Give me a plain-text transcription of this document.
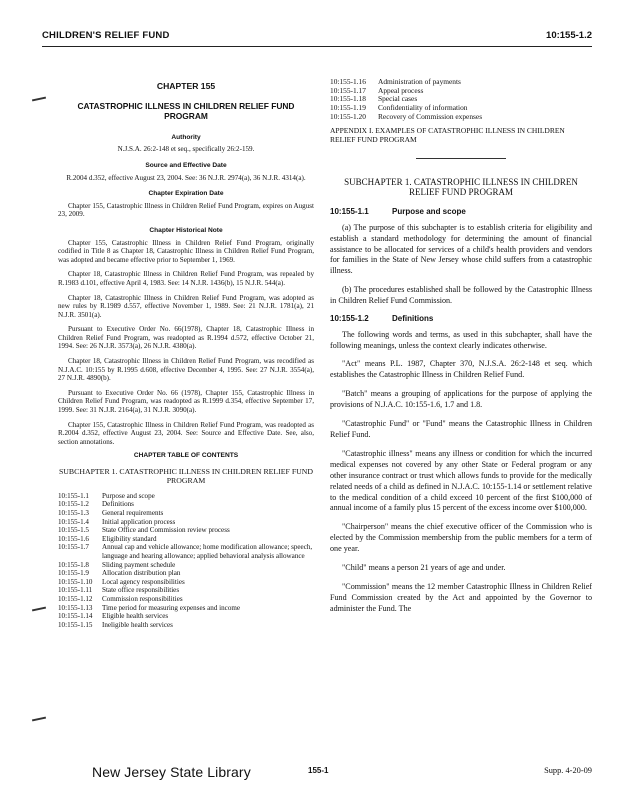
CHILDREN'S RELIEF FUND	10:155-1.2
CHAPTER 155
CATASTROPHIC ILLNESS IN CHILDREN RELIEF FUND PROGRAM
Authority
N.J.S.A. 26:2-148 et seq., specifically 26:2-159.
Source and Effective Date
R.2004 d.352, effective August 23, 2004. See: 36 N.J.R. 2974(a), 36 N.J.R. 4314(a).
Chapter Expiration Date
Chapter 155, Catastrophic Illness in Children Relief Fund Program, expires on August 23, 2009.
Chapter Historical Note
Chapter 155, Catastrophic Illness in Children Relief Fund Program, originally codified in Title 8 as Chapter 18, Catastrophic Illness in Children Relief Fund Program, was adopted and became effective prior to September 1, 1969.
Chapter 18, Catastrophic Illness in Children Relief Fund Program, was repealed by R.1983 d.101, effective April 4, 1983. See: 14 N.J.R. 1436(b), 15 N.J.R. 544(a).
Chapter 18, Catastrophic Illness in Children Relief Fund Program, was adopted as new rules by R.1989 d.557, effective November 1, 1989. See: 21 N.J.R. 1781(a), 21 N.J.R. 3501(a).
Pursuant to Executive Order No. 66(1978), Chapter 18, Catastrophic Illness in Children Relief Fund Program, was readopted as R.1994 d.572, effective October 21, 1994. See: 26 N.J.R. 3573(a), 26 N.J.R. 4380(a).
Chapter 18, Catastrophic Illness in Children Relief Fund Program, was recodified as N.J.A.C. 10:155 by R.1995 d.608, effective December 4, 1995. See: 27 N.J.R. 3554(a), 27 N.J.R. 4890(b).
Pursuant to Executive Order No. 66 (1978), Chapter 155, Catastrophic Illness in Children Relief Fund Program, was readopted as R.1999 d.354, effective September 17, 1999. See: 31 N.J.R. 2164(a), 31 N.J.R. 3090(a).
Chapter 155, Catastrophic Illness in Children Relief Fund Program, was readopted as R.2004 d.352, effective August 23, 2004. See: Source and Effective Date. See, also, section annotations.
CHAPTER TABLE OF CONTENTS
SUBCHAPTER 1. CATASTROPHIC ILLNESS IN CHILDREN RELIEF FUND PROGRAM
10:155-1.1	Purpose and scope
10:155-1.2	Definitions
10:155-1.3	General requirements
10:155-1.4	Initial application process
10:155-1.5	State Office and Commission review process
10:155-1.6	Eligibility standard
10:155-1.7	Annual cap and vehicle allowance; home modification allowance; speech, language and hearing allowance; applied behavioral analysis allowance
10:155-1.8	Sliding payment schedule
10:155-1.9	Allocation distribution plan
10:155-1.10	Local agency responsibilities
10:155-1.11	State office responsibilities
10:155-1.12	Commission responsibilities
10:155-1.13	Time period for measuring expenses and income
10:155-1.14	Eligible health services
10:155-1.15	Ineligible health services
10:155-1.16	Administration of payments
10:155-1.17	Appeal process
10:155-1.18	Special cases
10:155-1.19	Confidentiality of information
10:155-1.20	Recovery of Commission expenses
APPENDIX I. EXAMPLES OF CATASTROPHIC ILLNESS IN CHILDREN RELIEF FUND PROGRAM
SUBCHAPTER 1. CATASTROPHIC ILLNESS IN CHILDREN RELIEF FUND PROGRAM
10:155-1.1	Purpose and scope
(a) The purpose of this subchapter is to establish criteria for eligibility and establish a standard methodology for determining the amount of financial assistance to be allocated for services of a child's health providers and vendors for families in the State of New Jersey whose child suffers from a catastrophic illness.
(b) The procedures established shall be followed by the Catastrophic Illness in Children Relief Fund Commission.
10:155-1.2	Definitions
The following words and terms, as used in this subchapter, shall have the following meanings, unless the context clearly indicates otherwise.
"Act" means P.L. 1987, Chapter 370, N.J.S.A. 26:2-148 et seq. which establishes the Catastrophic Illness in Children Relief Fund.
"Batch" means a grouping of applications for the purpose of applying the provisions of N.J.A.C. 10:155-1.6, 1.7 and 1.8.
"Catastrophic Fund" or "Fund" means the Catastrophic Illness in Children Relief Fund.
"Catastrophic illness" means any illness or condition for which the incurred medical expenses not covered by any other State or Federal program or any other insurance contract or trust which allows funds to provide for the medically related needs of a child as defined in N.J.A.C. 10:155-1.14 or settlement relative to the medical condition of a child exceed 10 percent of the first $100,000 of annual income of a family plus 15 percent of the excess income over $100,000.
"Chairperson" means the chief executive officer of the Commission who is elected by the Commission membership from the public members for a term of one year.
"Child" means a person 21 years of age and under.
"Commission" means the 12 member Catastrophic Illness in Children Relief Fund Commission created by the Act and appointed by the Governor to administer the Fund. The
New Jersey State Library	155-1	Supp. 4-20-09
